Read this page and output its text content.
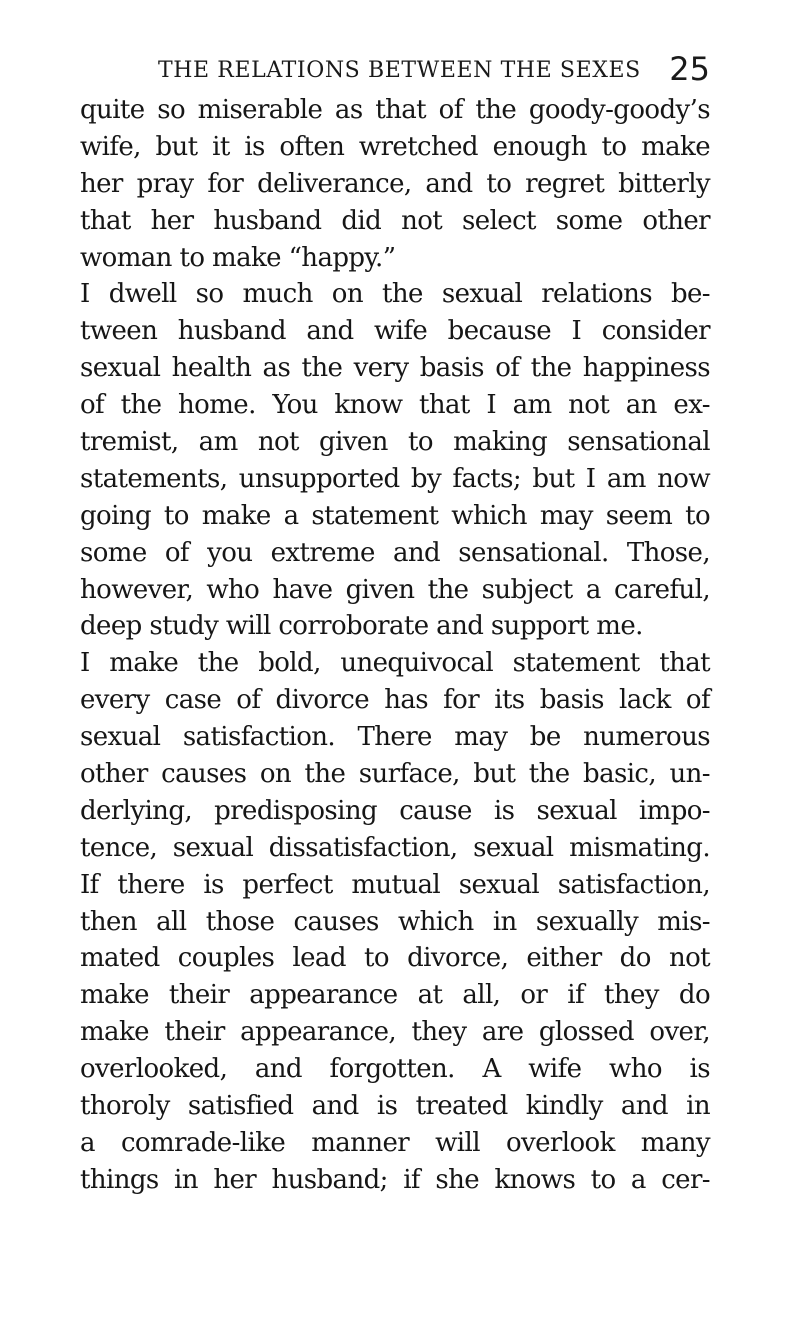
THE RELATIONS BETWEEN THE SEXES 25
quite so miserable as that of the goody-goody’s
wife, but it is often wretched enough to make
her pray for deliverance, and to regret bitterly
that her husband did not select some other
woman to make “happy.”
I dwell so much on the sexual relations be-
tween husband and wife because I consider
sexual health as the very basis of the happiness
of the home. You know that I am not an ex-
tremist, am not given to making sensational
statements, unsupported by facts; but I am now
going to make a statement which may seem to
some of you extreme and sensational. Those,
however, who have given the subject a careful,
deep study will corroborate and support me.
I make the bold, unequivocal statement that
every case of divorce has for its basis lack of
sexual satisfaction. There may be numerous
other causes on the surface, but the basic, un-
derlying, predisposing cause is sexual impo-
tence, sexual dissatisfaction, sexual mismating.
If there is perfect mutual sexual satisfaction,
then all those causes which in sexually mis-
mated couples lead to divorce, either do not
make their appearance at all, or if they do
make their appearance, they are glossed over,
overlooked, and forgotten. A wife who is
thoroly satisfied and is treated kindly and in
a comrade-like manner will overlook many
things in her husband; if she knows to a cer-
